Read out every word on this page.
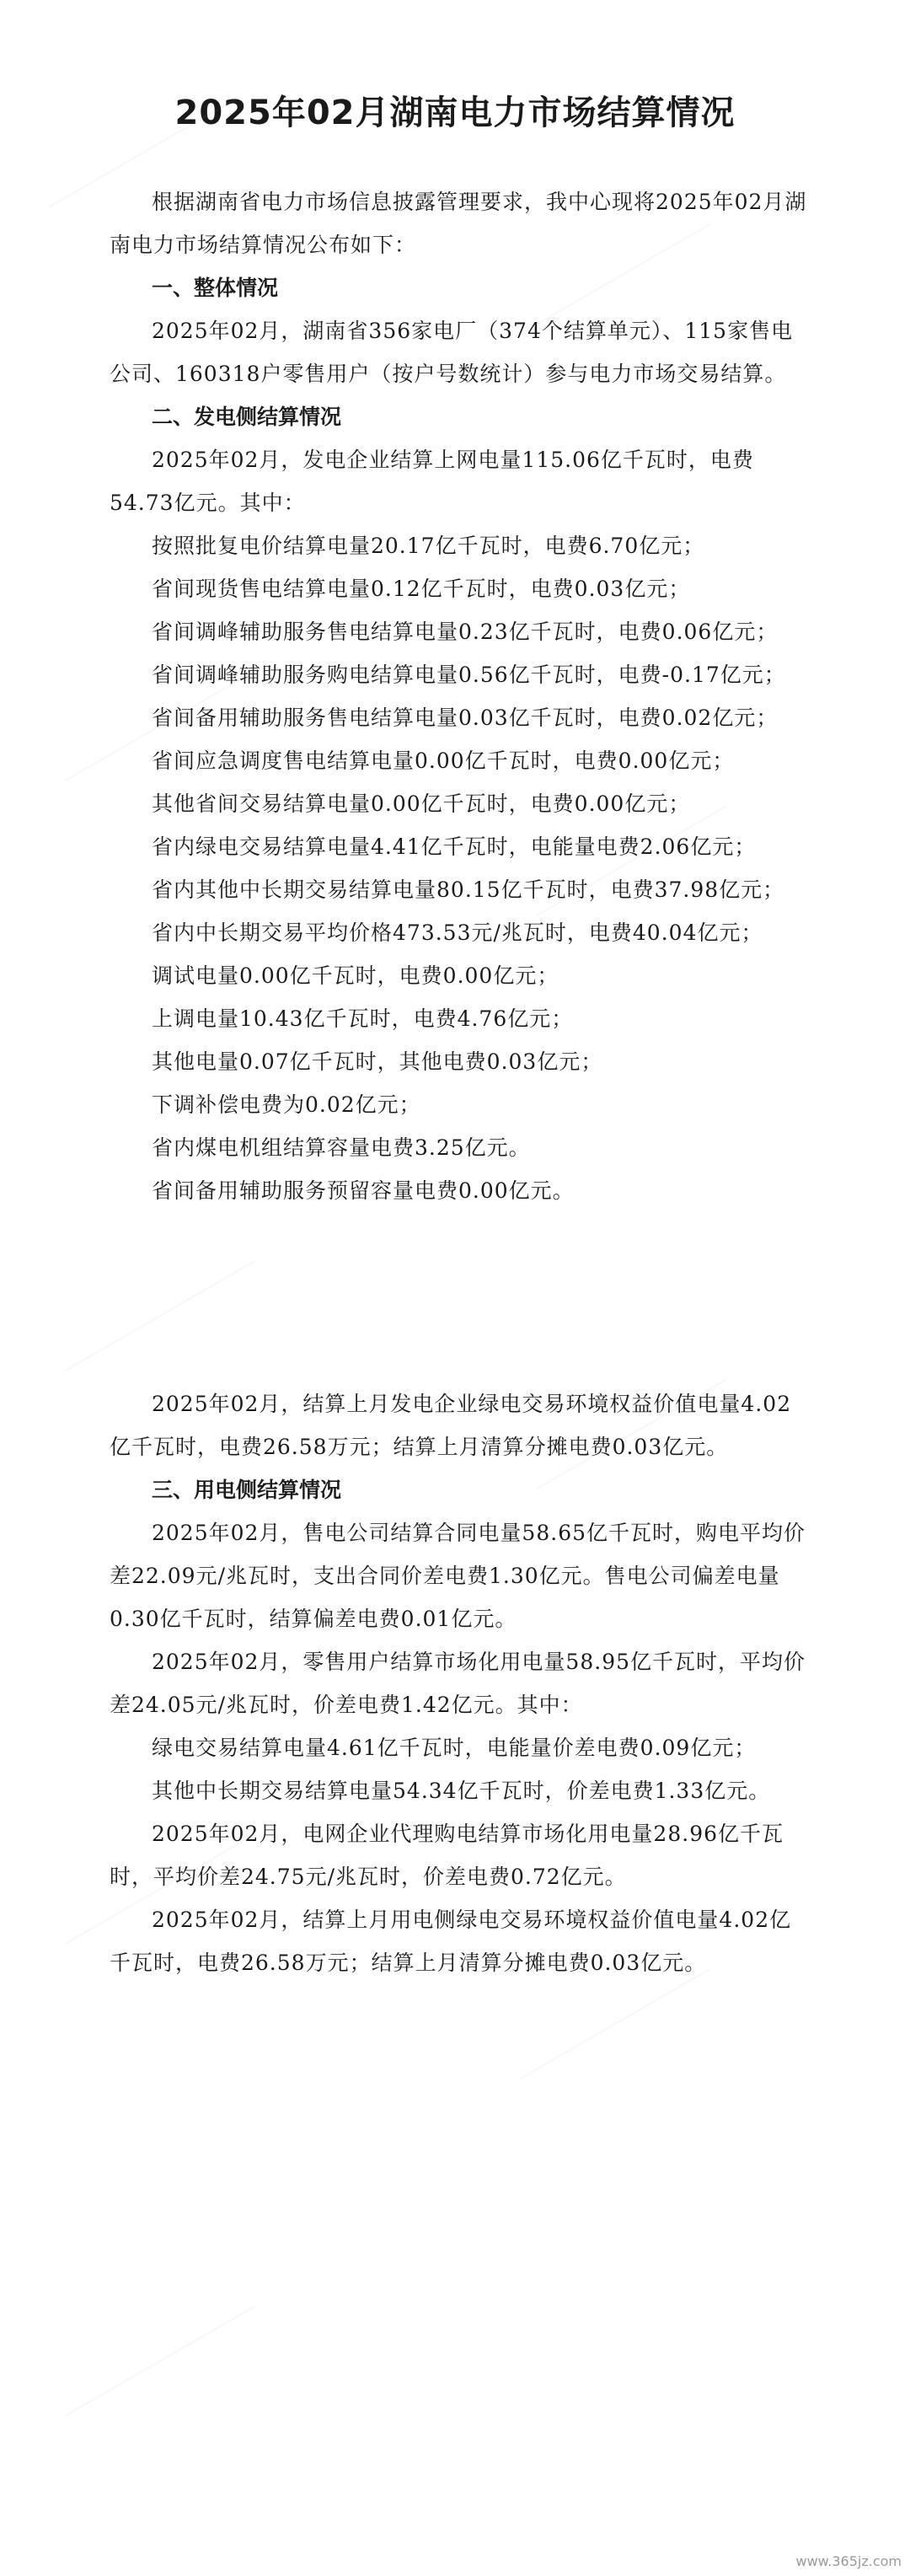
2025年02月湖南电力市场结算情况

根据湖南省电力市场信息披露管理要求，我中心现将2025年02月湖南电力市场结算情况公布如下：

一、整体情况

2025年02月，湖南省356家电厂（374个结算单元）、115家售电公司、160318户零售用户（按户号数统计）参与电力市场交易结算。

二、发电侧结算情况

2025年02月，发电企业结算上网电量115.06亿千瓦时，电费54.73亿元。其中：

按照批复电价结算电量20.17亿千瓦时，电费6.70亿元；

省间现货售电结算电量0.12亿千瓦时，电费0.03亿元；

省间调峰辅助服务售电结算电量0.23亿千瓦时，电费0.06亿元；

省间调峰辅助服务购电结算电量0.56亿千瓦时，电费-0.17亿元；

省间备用辅助服务售电结算电量0.03亿千瓦时，电费0.02亿元；

省间应急调度售电结算电量0.00亿千瓦时，电费0.00亿元；

其他省间交易结算电量0.00亿千瓦时，电费0.00亿元；

省内绿电交易结算电量4.41亿千瓦时，电能量电费2.06亿元；

省内其他中长期交易结算电量80.15亿千瓦时，电费37.98亿元；

省内中长期交易平均价格473.53元/兆瓦时，电费40.04亿元；

调试电量0.00亿千瓦时，电费0.00亿元；

上调电量10.43亿千瓦时，电费4.76亿元；

其他电量0.07亿千瓦时，其他电费0.03亿元；

下调补偿电费为0.02亿元；

省内煤电机组结算容量电费3.25亿元。

省间备用辅助服务预留容量电费0.00亿元。

2025年02月，结算上月发电企业绿电交易环境权益价值电量4.02亿千瓦时，电费26.58万元；结算上月清算分摊电费0.03亿元。

三、用电侧结算情况

2025年02月，售电公司结算合同电量58.65亿千瓦时，购电平均价差22.09元/兆瓦时，支出合同价差电费1.30亿元。售电公司偏差电量0.30亿千瓦时，结算偏差电费0.01亿元。

2025年02月，零售用户结算市场化用电量58.95亿千瓦时，平均价差24.05元/兆瓦时，价差电费1.42亿元。其中：

绿电交易结算电量4.61亿千瓦时，电能量价差电费0.09亿元；

其他中长期交易结算电量54.34亿千瓦时，价差电费1.33亿元。

2025年02月，电网企业代理购电结算市场化用电量28.96亿千瓦时，平均价差24.75元/兆瓦时，价差电费0.72亿元。

2025年02月，结算上月用电侧绿电交易环境权益价值电量4.02亿千瓦时，电费26.58万元；结算上月清算分摊电费0.03亿元。

www.365jz.com
